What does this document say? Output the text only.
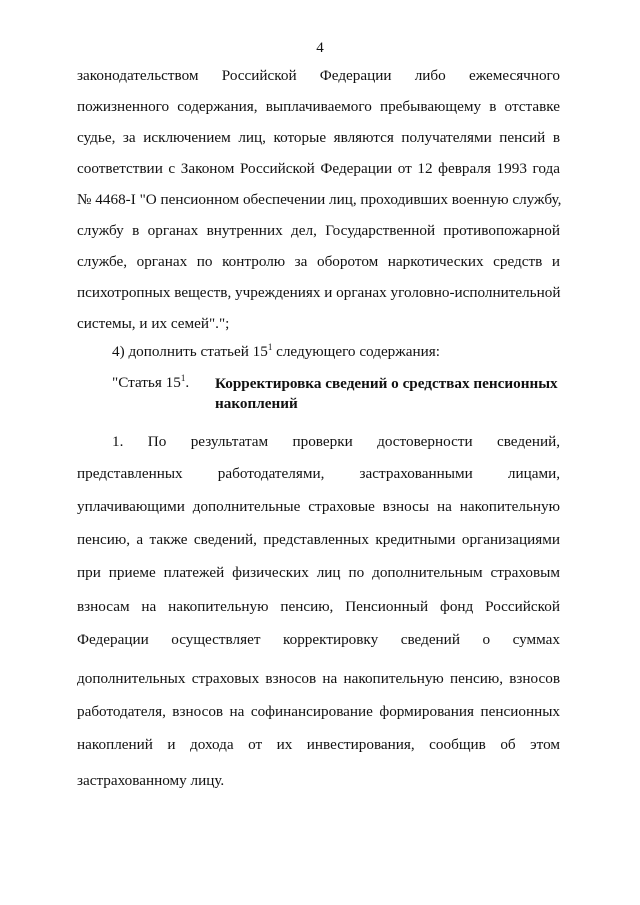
4
законодательством Российской Федерации либо ежемесячного
пожизненного содержания, выплачиваемого пребывающему в отставке
судье, за исключением лиц, которые являются получателями пенсий в
соответствии с Законом Российской Федерации от 12 февраля 1993 года
№ 4468-I "О пенсионном обеспечении лиц, проходивших военную службу,
службу в органах внутренних дел, Государственной противопожарной
службе, органах по контролю за оборотом наркотических средств и
психотропных веществ, учреждениях и органах уголовно-исполнительной
системы, и их семей".";
4) дополнить статьей $15^1$ следующего содержания:
"Статья $15^1$. Корректировка сведений о средствах пенсионных накоплений
1. По результатам проверки достоверности сведений,
представленных работодателями, застрахованными лицами,
уплачивающими дополнительные страховые взносы на накопительную
пенсию, а также сведений, представленных кредитными организациями
при приеме платежей физических лиц по дополнительным страховым
взносам на накопительную пенсию, Пенсионный фонд Российской
Федерации осуществляет корректировку сведений о суммах
дополнительных страховых взносов на накопительную пенсию, взносов
работодателя, взносов на софинансирование формирования пенсионных
накоплений и дохода от их инвестирования, сообщив об этом
застрахованному лицу.
